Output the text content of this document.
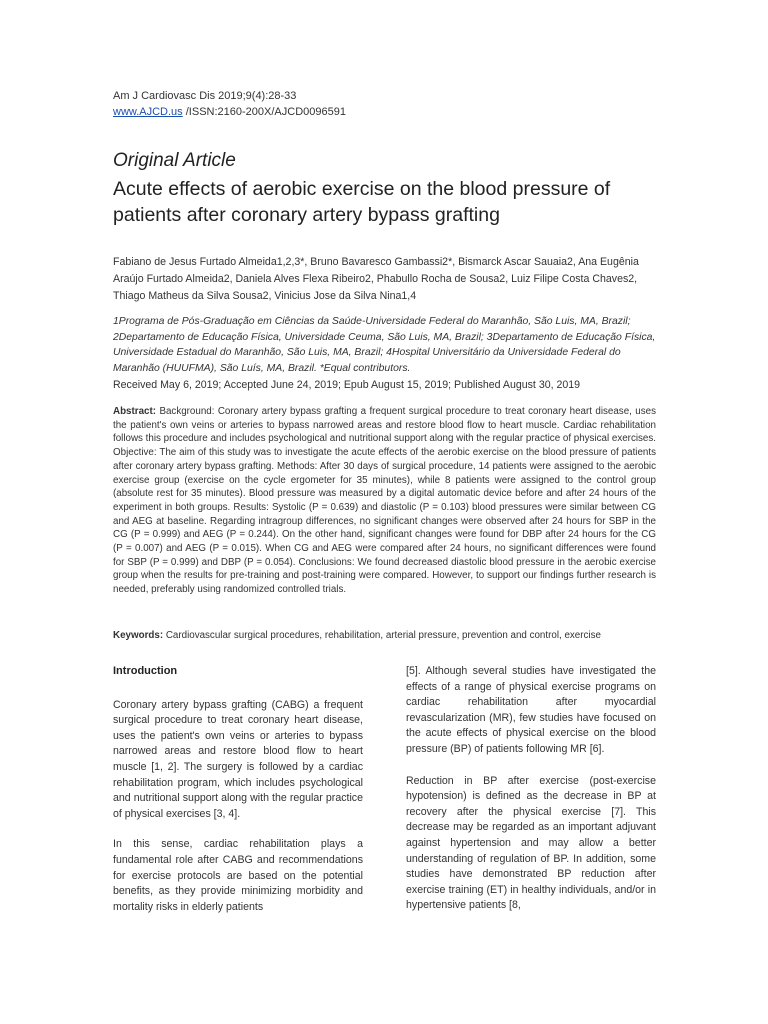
Am J Cardiovasc Dis 2019;9(4):28-33
www.AJCD.us /ISSN:2160-200X/AJCD0096591
Original Article
Acute effects of aerobic exercise on the blood pressure of patients after coronary artery bypass grafting
Fabiano de Jesus Furtado Almeida1,2,3*, Bruno Bavaresco Gambassi2*, Bismarck Ascar Sauaia2, Ana Eugênia Araújo Furtado Almeida2, Daniela Alves Flexa Ribeiro2, Phabullo Rocha de Sousa2, Luiz Filipe Costa Chaves2, Thiago Matheus da Silva Sousa2, Vinicius Jose da Silva Nina1,4
1Programa de Pós-Graduação em Ciências da Saúde-Universidade Federal do Maranhão, São Luis, MA, Brazil; 2Departamento de Educação Física, Universidade Ceuma, São Luis, MA, Brazil; 3Departamento de Educação Física, Universidade Estadual do Maranhão, São Luis, MA, Brazil; 4Hospital Universitário da Universidade Federal do Maranhão (HUUFMA), São Luís, MA, Brazil. *Equal contributors.
Received May 6, 2019; Accepted June 24, 2019; Epub August 15, 2019; Published August 30, 2019
Abstract: Background: Coronary artery bypass grafting a frequent surgical procedure to treat coronary heart disease, uses the patient's own veins or arteries to bypass narrowed areas and restore blood flow to heart muscle. Cardiac rehabilitation follows this procedure and includes psychological and nutritional support along with the regular practice of physical exercises. Objective: The aim of this study was to investigate the acute effects of the aerobic exercise on the blood pressure of patients after coronary artery bypass grafting. Methods: After 30 days of surgical procedure, 14 patients were assigned to the aerobic exercise group (exercise on the cycle ergometer for 35 minutes), while 8 patients were assigned to the control group (absolute rest for 35 minutes). Blood pressure was measured by a digital automatic device before and after 24 hours of the experiment in both groups. Results: Systolic (P = 0.639) and diastolic (P = 0.103) blood pressures were similar between CG and AEG at baseline. Regarding intragroup differences, no significant changes were observed after 24 hours for SBP in the CG (P = 0.999) and AEG (P = 0.244). On the other hand, significant changes were found for DBP after 24 hours for the CG (P = 0.007) and AEG (P = 0.015). When CG and AEG were compared after 24 hours, no significant differences were found for SBP (P = 0.999) and DBP (P = 0.054). Conclusions: We found decreased diastolic blood pressure in the aerobic exercise group when the results for pre-training and post-training were compared. However, to support our findings further research is needed, preferably using randomized controlled trials.
Keywords: Cardiovascular surgical procedures, rehabilitation, arterial pressure, prevention and control, exercise
Introduction

Coronary artery bypass grafting (CABG) a frequent surgical procedure to treat coronary heart disease, uses the patient's own veins or arteries to bypass narrowed areas and restore blood flow to heart muscle [1, 2]. The surgery is followed by a cardiac rehabilitation program, which includes psychological and nutritional support along with the regular practice of physical exercises [3, 4].

In this sense, cardiac rehabilitation plays a fundamental role after CABG and recommendations for exercise protocols are based on the potential benefits, as they provide minimizing morbidity and mortality risks in elderly patients

[5]. Although several studies have investigated the effects of a range of physical exercise programs on cardiac rehabilitation after myocardial revascularization (MR), few studies have focused on the acute effects of physical exercise on the blood pressure (BP) of patients following MR [6].

Reduction in BP after exercise (post-exercise hypotension) is defined as the decrease in BP at recovery after the physical exercise [7]. This decrease may be regarded as an important adjuvant against hypertension and may allow a better understanding of regulation of BP. In addition, some studies have demonstrated BP reduction after exercise training (ET) in healthy individuals, and/or in hypertensive patients [8,
